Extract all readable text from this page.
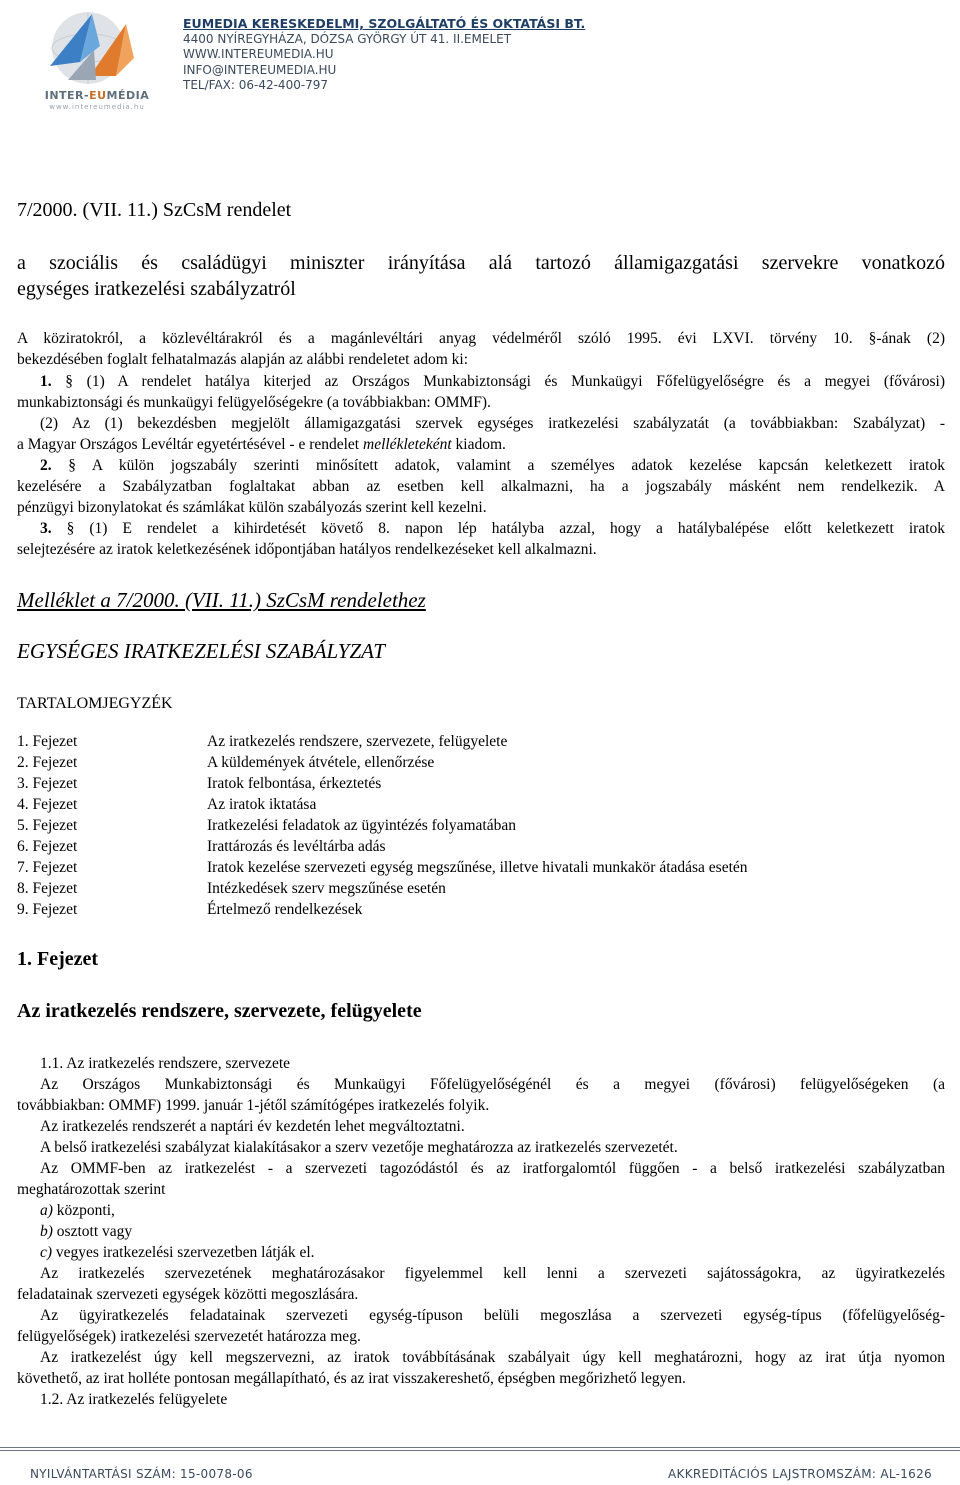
INTER-EUMÉDIA
www.intereumedia.hu
EUMEDIA KERESKEDELMI, SZOLGÁLTATÓ ÉS OKTATÁSI BT.
4400 NYÍREGYHÁZA, DÓZSA GYÖRGY ÚT 41. II.EMELET
WWW.INTEREUMEDIA.HU
INFO@INTEREUMEDIA.HU
TEL/FAX: 06-42-400-797
7/2000. (VII. 11.) SzCsM rendelet
a szociális és családügyi miniszter irányítása alá tartozó államigazgatási szervekre vonatkozó
egységes iratkezelési szabályzatról
A köziratokról, a közlevéltárakról és a magánlevéltári anyag védelméről szóló 1995. évi LXVI. törvény 10. §-ának (2)
bekezdésében foglalt felhatalmazás alapján az alábbi rendeletet adom ki:
1. § (1) A rendelet hatálya kiterjed az Országos Munkabiztonsági és Munkaügyi Főfelügyelőségre és a megyei (fővárosi)
munkabiztonsági és munkaügyi felügyelőségekre (a továbbiakban: OMMF).
(2) Az (1) bekezdésben megjelölt államigazgatási szervek egységes iratkezelési szabályzatát (a továbbiakban: Szabályzat) -
a Magyar Országos Levéltár egyetértésével - e rendelet mellékleteként kiadom.
2. § A külön jogszabály szerinti minősített adatok, valamint a személyes adatok kezelése kapcsán keletkezett iratok
kezelésére a Szabályzatban foglaltakat abban az esetben kell alkalmazni, ha a jogszabály másként nem rendelkezik. A
pénzügyi bizonylatokat és számlákat külön szabályozás szerint kell kezelni.
3. § (1) E rendelet a kihirdetését követő 8. napon lép hatályba azzal, hogy a hatálybalépése előtt keletkezett iratok
selejtezésére az iratok keletkezésének időpontjában hatályos rendelkezéseket kell alkalmazni.
Melléklet a 7/2000. (VII. 11.) SzCsM rendelethez
EGYSÉGES IRATKEZELÉSI SZABÁLYZAT
TARTALOMJEGYZÉK
1. Fejezet	Az iratkezelés rendszere, szervezete, felügyelete
2. Fejezet	A küldemények átvétele, ellenőrzése
3. Fejezet	Iratok felbontása, érkeztetés
4. Fejezet	Az iratok iktatása
5. Fejezet	Iratkezelési feladatok az ügyintézés folyamatában
6. Fejezet	Irattározás és levéltárba adás
7. Fejezet	Iratok kezelése szervezeti egység megszűnése, illetve hivatali munkakör átadása esetén
8. Fejezet	Intézkedések szerv megszűnése esetén
9. Fejezet	Értelmező rendelkezések
1. Fejezet
Az iratkezelés rendszere, szervezete, felügyelete
1.1. Az iratkezelés rendszere, szervezete
Az Országos Munkabiztonsági és Munkaügyi Főfelügyelőségénél és a megyei (fővárosi) felügyelőségeken (a
továbbiakban: OMMF) 1999. január 1-jétől számítógépes iratkezelés folyik.
Az iratkezelés rendszerét a naptári év kezdetén lehet megváltoztatni.
A belső iratkezelési szabályzat kialakításakor a szerv vezetője meghatározza az iratkezelés szervezetét.
Az OMMF-ben az iratkezelést - a szervezeti tagozódástól és az iratforgalomtól függően - a belső iratkezelési szabályzatban
meghatározottak szerint
a) központi,
b) osztott vagy
c) vegyes iratkezelési szervezetben látják el.
Az iratkezelés szervezetének meghatározásakor figyelemmel kell lenni a szervezeti sajátosságokra, az ügyiratkezelés
feladatainak szervezeti egységek közötti megoszlására.
Az ügyiratkezelés feladatainak szervezeti egység-típuson belüli megoszlása a szervezeti egység-típus (főfelügyelőség-
felügyelőségek) iratkezelési szervezetét határozza meg.
Az iratkezelést úgy kell megszervezni, az iratok továbbításának szabályait úgy kell meghatározni, hogy az irat útja nyomon
követhető, az irat holléte pontosan megállapítható, és az irat visszakereshető, épségben megőrizhető legyen.
1.2. Az iratkezelés felügyelete
NYILVÁNTARTÁSI SZÁM: 15-0078-06	AKKREDITÁCIÓS LAJSTROMSZÁM: AL-1626
